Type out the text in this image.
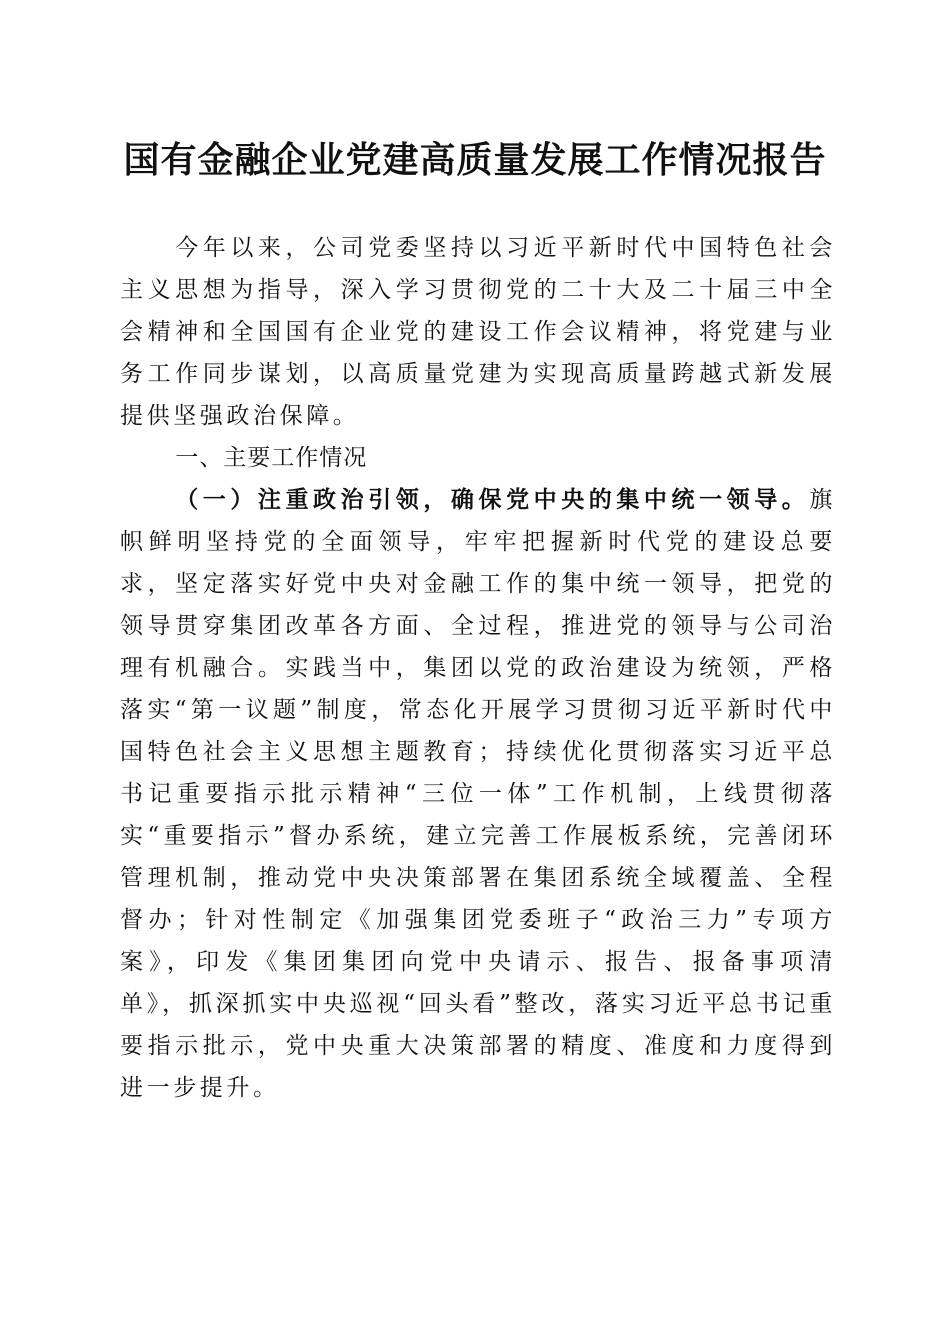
国有金融企业党建高质量发展工作情况报告

今年以来，公司党委坚持以习近平新时代中国特色社会主义思想为指导，深入学习贯彻党的二十大及二十届三中全会精神和全国国有企业党的建设工作会议精神，将党建与业务工作同步谋划，以高质量党建为实现高质量跨越式新发展提供坚强政治保障。

一、主要工作情况

（一）注重政治引领，确保党中央的集中统一领导。旗帜鲜明坚持党的全面领导，牢牢把握新时代党的建设总要求，坚定落实好党中央对金融工作的集中统一领导，把党的领导贯穿集团改革各方面、全过程，推进党的领导与公司治理有机融合。实践当中，集团以党的政治建设为统领，严格落实“第一议题”制度，常态化开展学习贯彻习近平新时代中国特色社会主义思想主题教育；持续优化贯彻落实习近平总书记重要指示批示精神“三位一体”工作机制，上线贯彻落实“重要指示”督办系统，建立完善工作展板系统，完善闭环管理机制，推动党中央决策部署在集团系统全域覆盖、全程督办；针对性制定《加强集团党委班子“政治三力”专项方案》，印发《集团集团向党中央请示、报告、报备事项清单》，抓深抓实中央巡视“回头看”整改，落实习近平总书记重要指示批示，党中央重大决策部署的精度、准度和力度得到进一步提升。
